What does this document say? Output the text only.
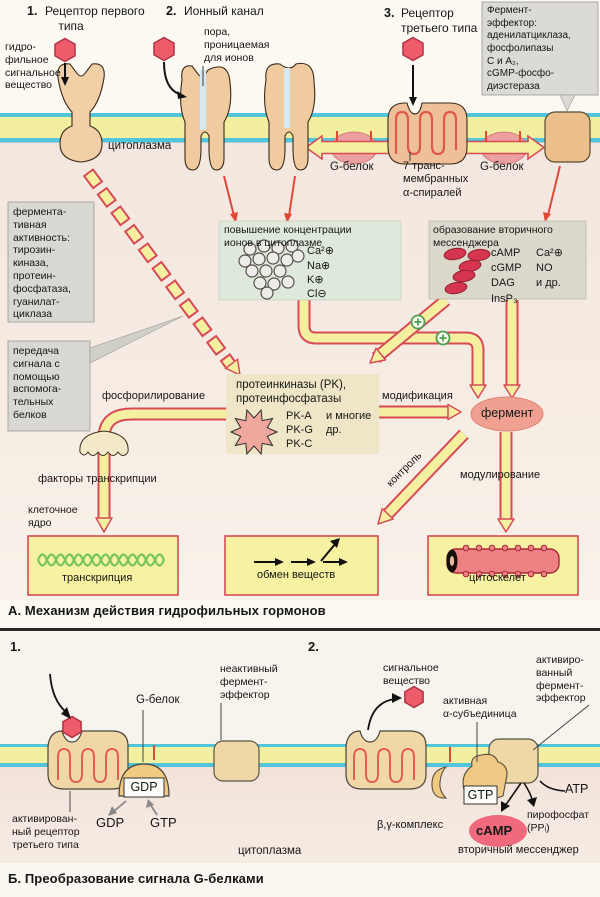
1. Рецептор первого
типа
гидро-
фильное
сигнальное
вещество
2. Ионный канал
пора,
проницаемая
для ионов
3. Рецептор
третьего типа
Фермент-
эффектор:
аденилатциклаза,
фосфолипазы
С и А₂,
cGMP-фосфо-
диэстераза
цитоплазма
G-белок	7 транс-
мембранных
α-спиралей
G-белок
фермента-
тивная
активность:
тирозин-
киназа,
протеин-
фосфатаза,
гуанилат-
циклаза
передача
сигнала с
помощью
вспомога-
тельных
белков
повышение концентрации
ионов в цитоплазме
Ca²⊕
Na⊕
K⊕
Cl⊖
образование вторичного
мессенджера
cAMP
cGMP
DAG
InsP₃
Ca²⊕
NO
и др.
фосфорилирование
протеинкиназы (PK),
протеинфосфатазы
PK-A
PK-G
PK-C
и многие
др.
модификация
фермент
контроль	модулирование
факторы транскрипции
клеточное
ядро
транскрипция	обмен веществ	цитоскелет
А. Механизм действия гидрофильных гормонов
1.
G-белок
неактивный
фермент-
эффектор
GDP
GDP GTP
активирован-
ный рецептор
третьего типа
цитоплазма
2.
сигнальное
вещество
активная
α-субъединица
активиро-
ванный
фермент-
эффектор
GTP	ATP
β,γ-комплекс	cAMP
пирофосфат
(PPᵢ)
вторичный мессенджер
Б. Преобразование сигнала G-белками
